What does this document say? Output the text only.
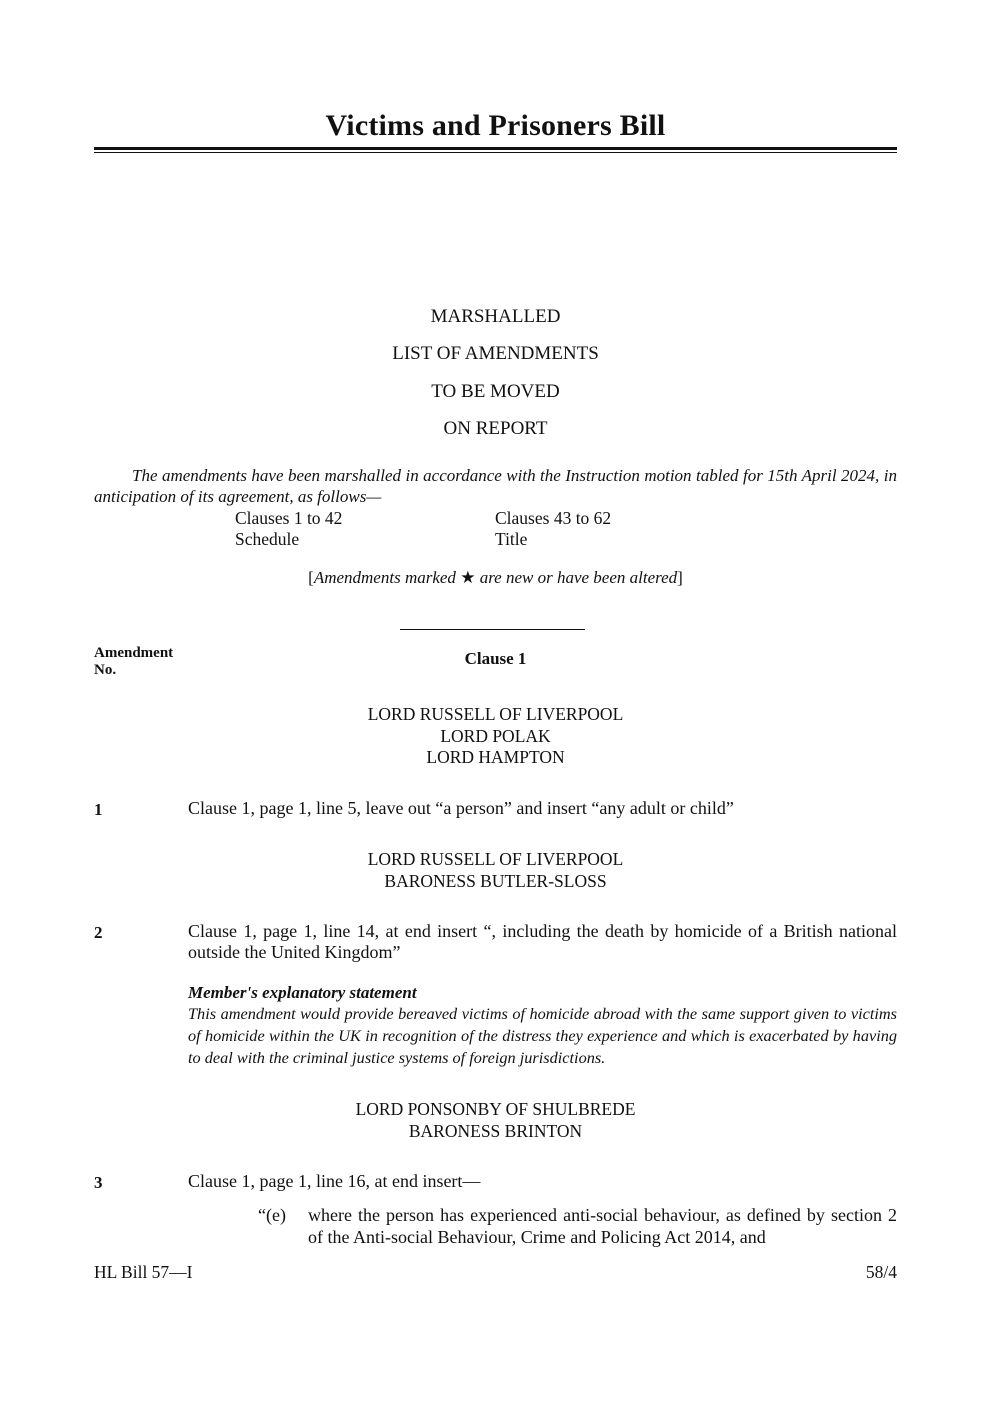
Victims and Prisoners Bill
MARSHALLED
LIST OF AMENDMENTS
TO BE MOVED
ON REPORT
The amendments have been marshalled in accordance with the Instruction motion tabled for 15th April 2024, in anticipation of its agreement, as follows—
Clauses 1 to 42	Clauses 43 to 62
Schedule	Title
[Amendments marked ★ are new or have been altered]
Amendment
No.
Clause 1
LORD RUSSELL OF LIVERPOOL
LORD POLAK
LORD HAMPTON
1	Clause 1, page 1, line 5, leave out “a person” and insert “any adult or child”
LORD RUSSELL OF LIVERPOOL
BARONESS BUTLER-SLOSS
2	Clause 1, page 1, line 14, at end insert “, including the death by homicide of a British national outside the United Kingdom”
Member's explanatory statement
This amendment would provide bereaved victims of homicide abroad with the same support given to victims of homicide within the UK in recognition of the distress they experience and which is exacerbated by having to deal with the criminal justice systems of foreign jurisdictions.
LORD PONSONBY OF SHULBREDE
BARONESS BRINTON
3	Clause 1, page 1, line 16, at end insert—
“(e) where the person has experienced anti-social behaviour, as defined by section 2 of the Anti-social Behaviour, Crime and Policing Act 2014, and
HL Bill 57—I	58/4
